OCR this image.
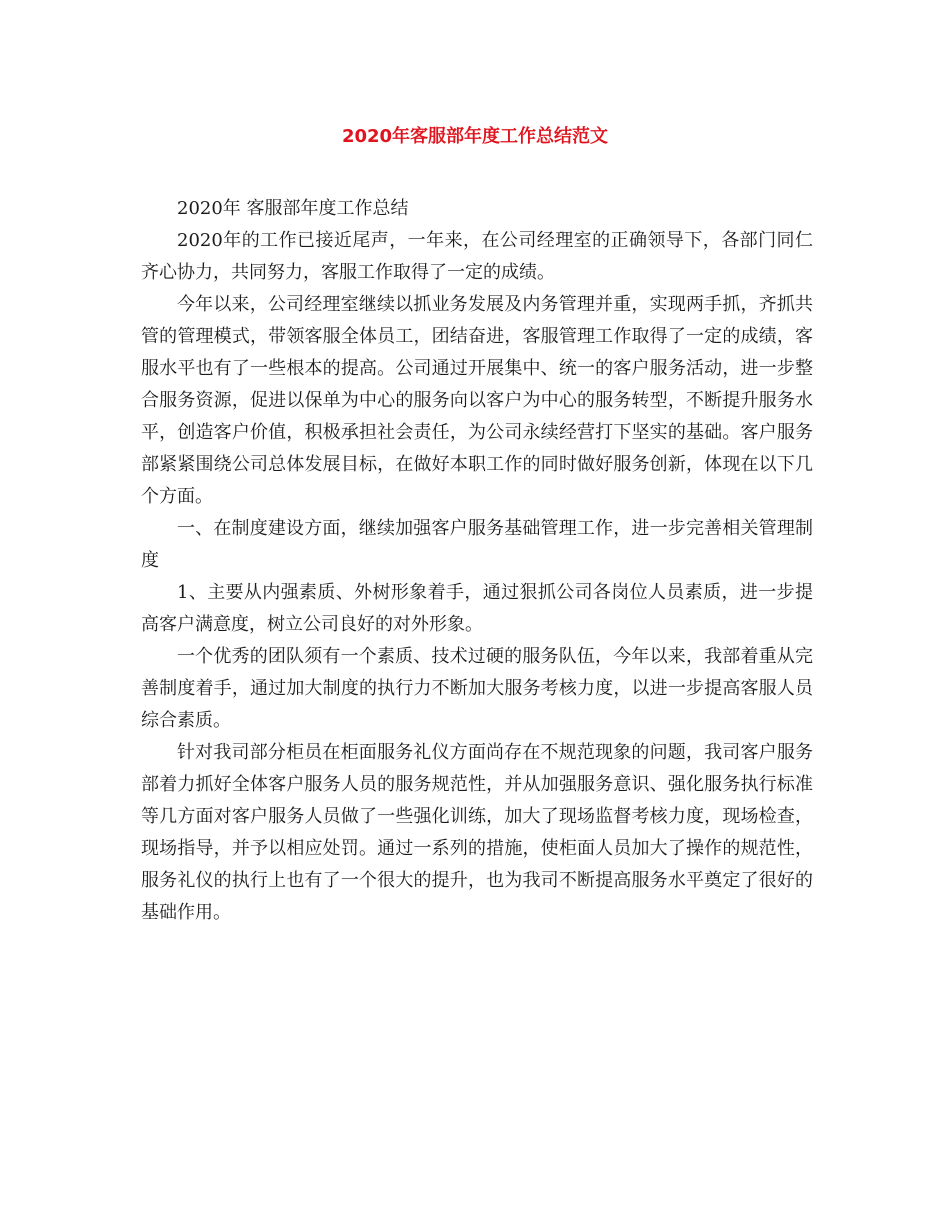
2020年客服部年度工作总结范文

2020年 客服部年度工作总结

2020年的工作已接近尾声，一年来，在公司经理室的正确领导下，各部门同仁齐心协力，共同努力，客服工作取得了一定的成绩。

今年以来，公司经理室继续以抓业务发展及内务管理并重，实现两手抓，齐抓共管的管理模式，带领客服全体员工，团结奋进，客服管理工作取得了一定的成绩，客服水平也有了一些根本的提高。公司通过开展集中、统一的客户服务活动，进一步整合服务资源，促进以保单为中心的服务向以客户为中心的服务转型，不断提升服务水平，创造客户价值，积极承担社会责任，为公司永续经营打下坚实的基础。客户服务部紧紧围绕公司总体发展目标，在做好本职工作的同时做好服务创新，体现在以下几个方面。

一、在制度建设方面，继续加强客户服务基础管理工作，进一步完善相关管理制度

1、主要从内强素质、外树形象着手，通过狠抓公司各岗位人员素质，进一步提高客户满意度，树立公司良好的对外形象。

一个优秀的团队须有一个素质、技术过硬的服务队伍，今年以来，我部着重从完善制度着手，通过加大制度的执行力不断加大服务考核力度，以进一步提高客服人员综合素质。

针对我司部分柜员在柜面服务礼仪方面尚存在不规范现象的问题，我司客户服务部着力抓好全体客户服务人员的服务规范性，并从加强服务意识、强化服务执行标准等几方面对客户服务人员做了一些强化训练，加大了现场监督考核力度，现场检查，现场指导，并予以相应处罚。通过一系列的措施，使柜面人员加大了操作的规范性，服务礼仪的执行上也有了一个很大的提升，也为我司不断提高服务水平奠定了很好的基础作用。
